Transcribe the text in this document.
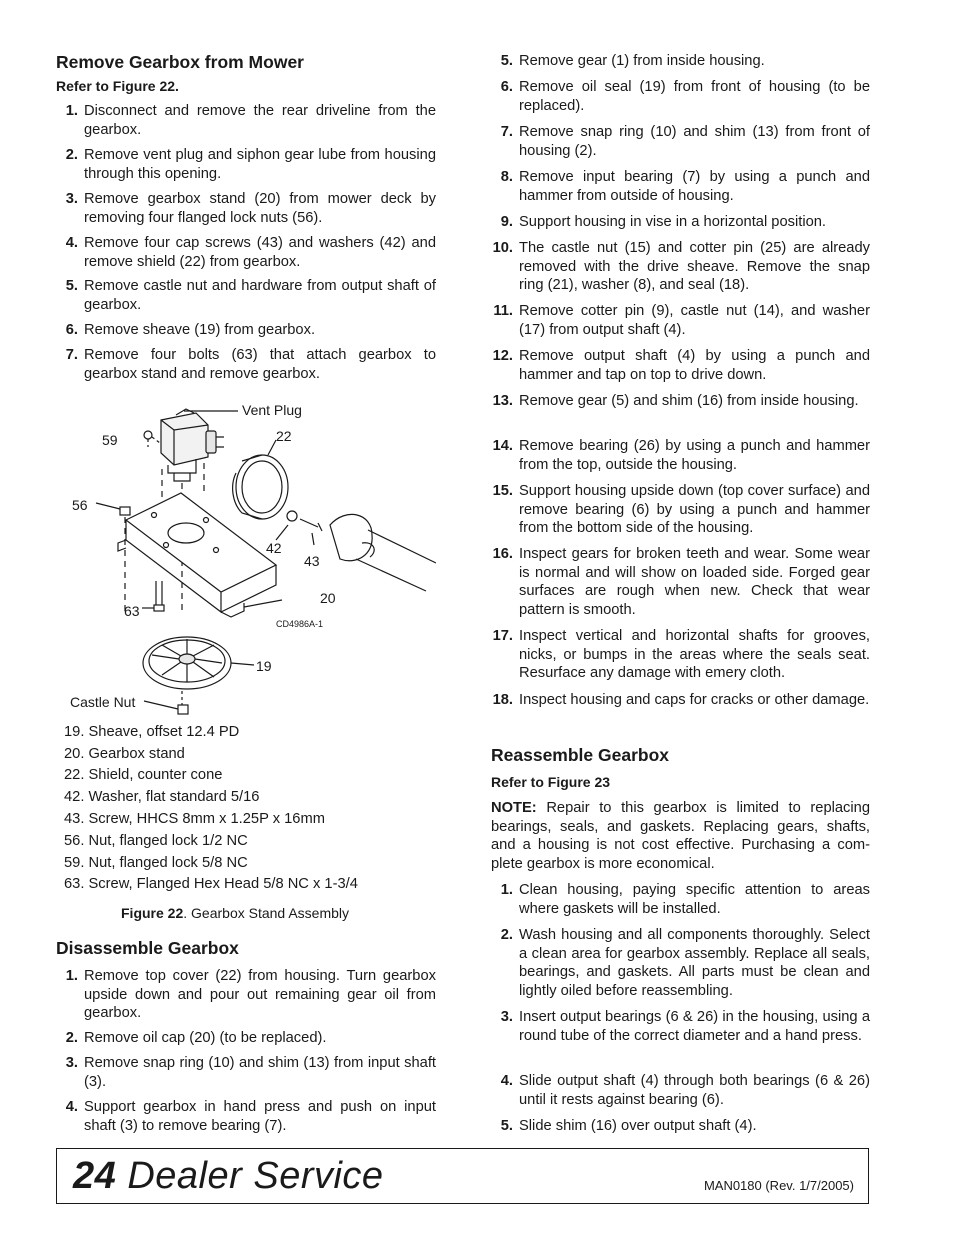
Remove Gearbox from Mower

Refer to Figure 22.

1. Disconnect and remove the rear driveline from the gearbox.
2. Remove vent plug and siphon gear lube from housing through this opening.
3. Remove gearbox stand (20) from mower deck by removing four flanged lock nuts (56).
4. Remove four cap screws (43) and washers (42) and remove shield (22) from gearbox.
5. Remove castle nut and hardware from output shaft of gearbox.
6. Remove sheave (19) from gearbox.
7. Remove four bolts (63) that attach gearbox to gearbox stand and remove gearbox.
19. Sheave, offset 12.4 PD
20. Gearbox stand
22. Shield, counter cone
42. Washer, flat standard 5/16
43. Screw, HHCS 8mm x 1.25P x 16mm
56. Nut, flanged lock 1/2 NC
59. Nut, flanged lock 5/8 NC
63. Screw, Flanged Hex Head 5/8 NC x 1-3/4
Figure 22. Gearbox Stand Assembly
Disassemble Gearbox
1. Remove top cover (22) from housing. Turn gearbox upside down and pour out remaining gear oil from gearbox.
2. Remove oil cap (20) (to be replaced).
3. Remove snap ring (10) and shim (13) from input shaft (3).
4. Support gearbox in hand press and push on input shaft (3) to remove bearing (7).
Vent Plug
59	22
56
42
43
20
63
CD4986A-1
19
Castle Nut
5. Remove gear (1) from inside housing.
6. Remove oil seal (19) from front of housing (to be replaced).
7. Remove snap ring (10) and shim (13) from front of housing (2).
8. Remove input bearing (7) by using a punch and hammer from outside of housing.
9. Support housing in vise in a horizontal position.
10. The castle nut (15) and cotter pin (25) are already removed with the drive sheave. Remove the snap ring (21), washer (8), and seal (18).
11. Remove cotter pin (9), castle nut (14), and washer (17) from output shaft (4).
12. Remove output shaft (4) by using a punch and hammer and tap on top to drive down.
13. Remove gear (5) and shim (16) from inside housing.
14. Remove bearing (26) by using a punch and hammer from the top, outside the housing.
15. Support housing upside down (top cover surface) and remove bearing (6) by using a punch and hammer from the bottom side of the housing.
16. Inspect gears for broken teeth and wear. Some wear is normal and will show on loaded side. Forged gear surfaces are rough when new. Check that wear pattern is smooth.
17. Inspect vertical and horizontal shafts for grooves, nicks, or bumps in the areas where the seals seat. Resurface any damage with emery cloth.
18. Inspect housing and caps for cracks or other damage.
Reassemble Gearbox

Refer to Figure 23

NOTE: Repair to this gearbox is limited to replacing bearings, seals, and gaskets. Replacing gears, shafts, and a housing is not cost effective. Purchasing a com-plete gearbox is more economical.

1. Clean housing, paying specific attention to areas where gaskets will be installed.
2. Wash housing and all components thoroughly. Select a clean area for gearbox assembly. Replace all seals, bearings, and gaskets. All parts must be clean and lightly oiled before reassembling.
3. Insert output bearings (6 & 26) in the housing, using a round tube of the correct diameter and a hand press.
4. Slide output shaft (4) through both bearings (6 & 26) until it rests against bearing (6).
5. Slide shim (16) over output shaft (4).
24 Dealer Service	MAN0180 (Rev. 1/7/2005)
